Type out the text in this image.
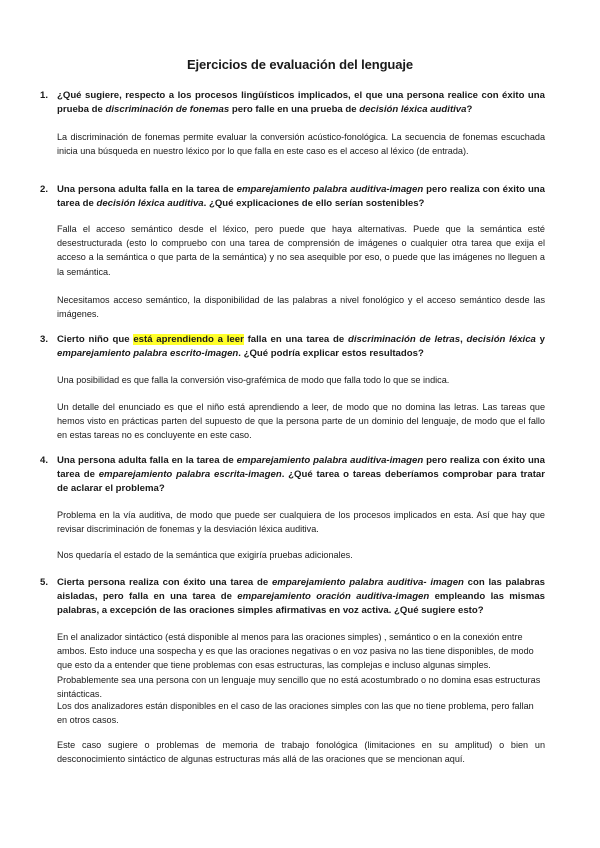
Ejercicios de evaluación del lenguaje
1. ¿Qué sugiere, respecto a los procesos lingüísticos implicados, el que una persona realice con éxito una prueba de discriminación de fonemas pero falle en una prueba de decisión léxica auditiva?

La discriminación de fonemas permite evaluar la conversión acústico-fonológica. La secuencia de fonemas escuchada inicia una búsqueda en nuestro léxico por lo que falla en este caso es el acceso al léxico (de entrada).

2. Una persona adulta falla en la tarea de emparejamiento palabra auditiva-imagen pero realiza con éxito una tarea de decisión léxica auditiva. ¿Qué explicaciones de ello serían sostenibles?

Falla el acceso semántico desde el léxico, pero puede que haya alternativas. Puede que la semántica esté desestructurada (esto lo compruebo con una tarea de comprensión de imágenes o cualquier otra tarea que exija el acceso a la semántica o que parta de la semántica) y no sea asequible por eso, o puede que las imágenes no lleguen a la semántica.

Necesitamos acceso semántico, la disponibilidad de las palabras a nivel fonológico y el acceso semántico desde las imágenes.

3. Cierto niño que está aprendiendo a leer falla en una tarea de discriminación de letras, decisión léxica y emparejamiento palabra escrito-imagen. ¿Qué podría explicar estos resultados?

Una posibilidad es que falla la conversión viso-grafémica de modo que falla todo lo que se indica.

Un detalle del enunciado es que el niño está aprendiendo a leer, de modo que no domina las letras. Las tareas que hemos visto en prácticas parten del supuesto de que la persona parte de un dominio del lenguaje, de modo que el fallo en estas tareas no es concluyente en este caso.

4. Una persona adulta falla en la tarea de emparejamiento palabra auditiva-imagen pero realiza con éxito una tarea de emparejamiento palabra escrita-imagen. ¿Qué tarea o tareas deberíamos comprobar para tratar de aclarar el problema?

Problema en la vía auditiva, de modo que puede ser cualquiera de los procesos implicados en esta. Así que hay que revisar discriminación de fonemas y la desviación léxica auditiva.

Nos quedaría el estado de la semántica que exigiría pruebas adicionales.

5. Cierta persona realiza con éxito una tarea de emparejamiento palabra auditiva- imagen con las palabras aisladas, pero falla en una tarea de emparejamiento oración auditiva-imagen empleando las mismas palabras, a excepción de las oraciones simples afirmativas en voz activa. ¿Qué sugiere esto?

En el analizador sintáctico (está disponible al menos para las oraciones simples) , semántico o en la conexión entre ambos. Esto induce una sospecha y es que las oraciones negativas o en voz pasiva no las tiene disponibles, de modo que esto da a entender que tiene problemas con esas estructuras, las complejas e incluso algunas simples. Probablemente sea una persona con un lenguaje muy sencillo que no está acostumbrado o no domina esas estructuras sintácticas.

Los dos analizadores están disponibles en el caso de las oraciones simples con las que no tiene problema, pero fallan en otros casos.

Este caso sugiere o problemas de memoria de trabajo fonológica (limitaciones en su amplitud) o bien un desconocimiento sintáctico de algunas estructuras más allá de las oraciones que se mencionan aquí.
